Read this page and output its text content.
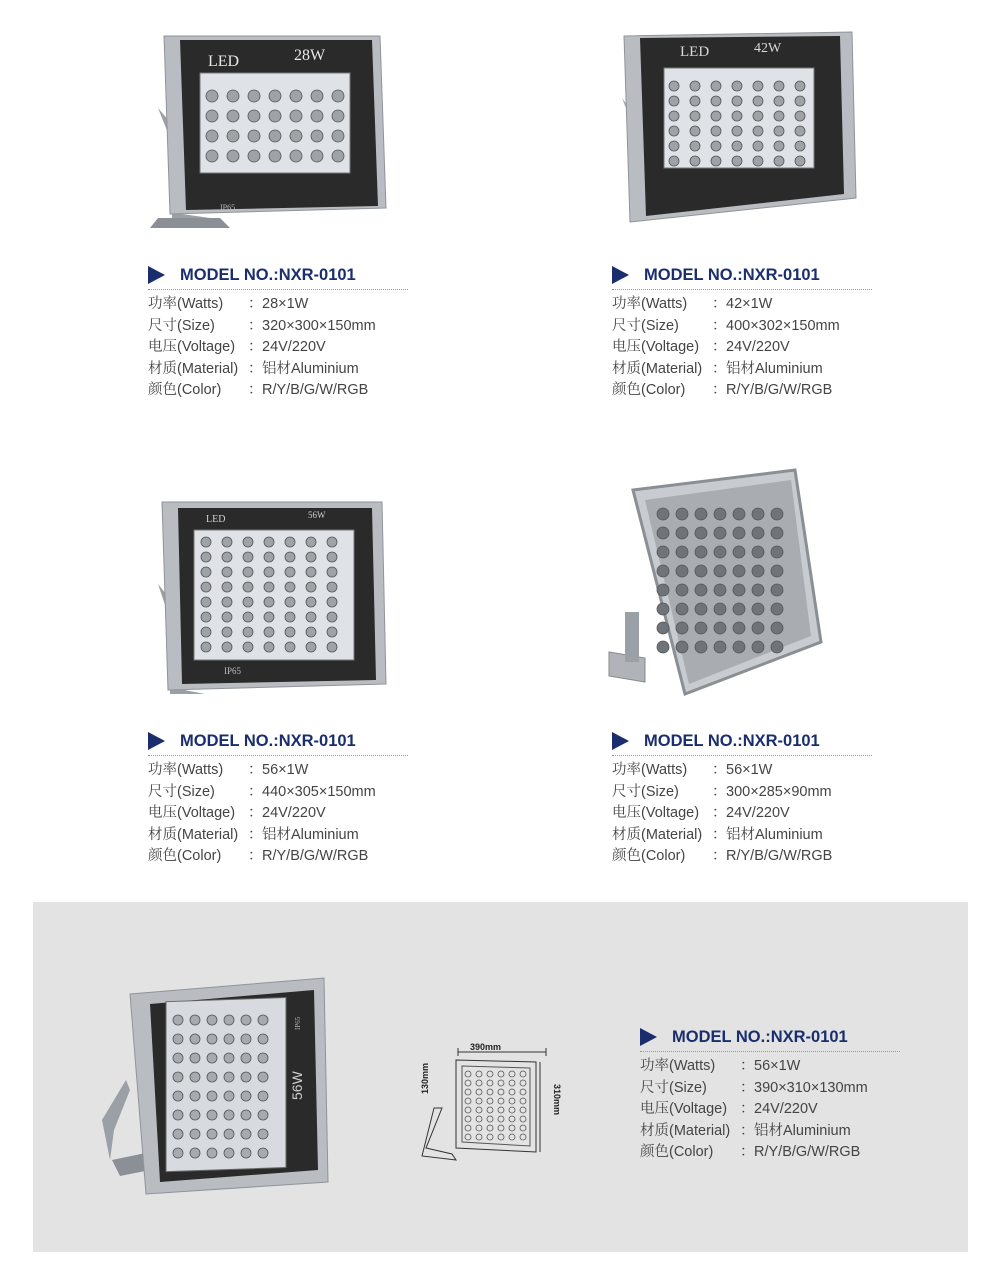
LED	28W
IP65
MODEL NO.:NXR-0101
功率(Watts)	： 28×1W
尺寸(Size)	： 320×300×150mm
电压(Voltage) ： 24V/220V
材质(Material) ： 铝材Aluminium
颜色(Color)	： R/Y/B/G/W/RGB
LED	42W
MODEL NO.:NXR-0101
功率(Watts)	： 42×1W
尺寸(Size)	： 400×302×150mm
电压(Voltage) ： 24V/220V
材质(Material) ： 铝材Aluminium
颜色(Color)	： R/Y/B/G/W/RGB
LED	56W
IP65
MODEL NO.:NXR-0101
功率(Watts)	： 56×1W
尺寸(Size)	： 440×305×150mm
电压(Voltage) ： 24V/220V
材质(Material) ： 铝材Aluminium
颜色(Color)	： R/Y/B/G/W/RGB
MODEL NO.:NXR-0101
功率(Watts)	： 56×1W
尺寸(Size)	： 300×285×90mm
电压(Voltage) ： 24V/220V
材质(Material) ： 铝材Aluminium
颜色(Color)	： R/Y/B/G/W/RGB
56W
IP65
390mm
310mm
130mm
MODEL NO.:NXR-0101
功率(Watts)	： 56×1W
尺寸(Size)	： 390×310×130mm
电压(Voltage) ： 24V/220V
材质(Material) ： 铝材Aluminium
颜色(Color)	： R/Y/B/G/W/RGB
